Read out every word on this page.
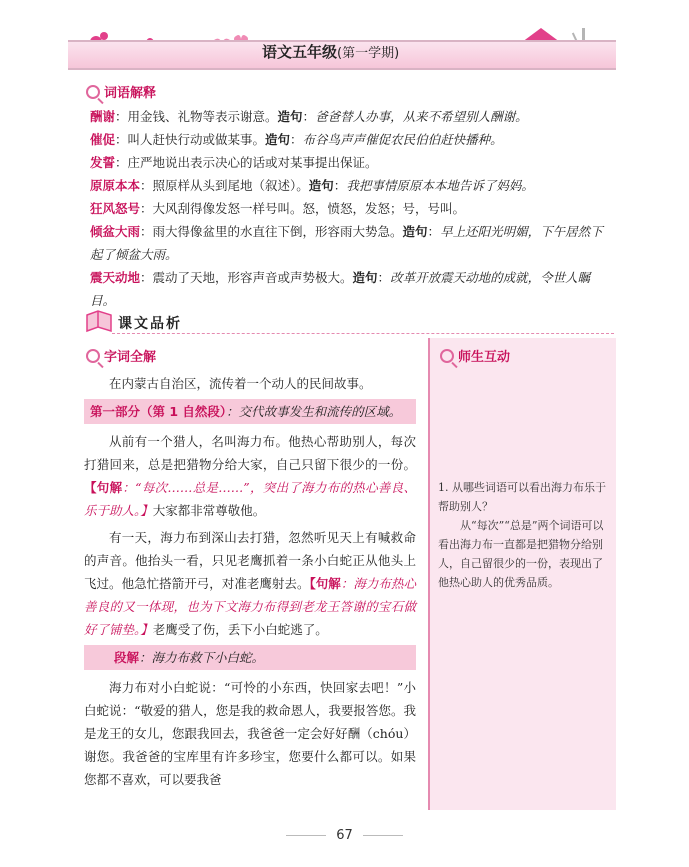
语文五年级(第一学期)
词语解释

酬谢：用金钱、礼物等表示谢意。造句：爸爸替人办事，从来不希望别人酬谢。

催促：叫人赶快行动或做某事。造句：布谷鸟声声催促农民伯伯赶快播种。

发誓：庄严地说出表示决心的话或对某事提出保证。

原原本本：照原样从头到尾地（叙述）。造句：我把事情原原本本地告诉了妈妈。

狂风怒号：大风刮得像发怒一样号叫。怒，愤怒，发怒；号，号叫。

倾盆大雨：雨大得像盆里的水直往下倒，形容雨大势急。造句：早上还阳光明媚，下午居然下起了倾盆大雨。

震天动地：震动了天地，形容声音或声势极大。造句：改革开放震天动地的成就，令世人瞩目。

课文品析
字词全解

在内蒙古自治区，流传着一个动人的民间故事。

第一部分（第 1 自然段）：交代故事发生和流传的区域。

从前有一个猎人，名叫海力布。他热心帮助别人，每次打猎回来，总是把猎物分给大家，自己只留下很少的一份。【句解：“每次……总是……”，突出了海力布的热心善良、乐于助人。】大家都非常尊敬他。

有一天，海力布到深山去打猎，忽然听见天上有喊救命的声音。他抬头一看，只见老鹰抓着一条小白蛇正从他头上飞过。他急忙搭箭开弓，对准老鹰射去。【句解：海力布热心善良的又一体现，也为下文海力布得到老龙王答谢的宝石做好了铺垫。】老鹰受了伤，丢下小白蛇逃了。

段解：海力布救下小白蛇。

海力布对小白蛇说：“可怜的小东西，快回家去吧！”小白蛇说：“敬爱的猎人，您是我的救命恩人，我要报答您。我是龙王的女儿，您跟我回去，我爸爸一定会好好酬（chóu）谢您。我爸爸的宝库里有许多珍宝，您要什么都可以。如果您都不喜欢，可以要我爸

师生互动

1. 从哪些词语可以看出海力布乐于帮助别人？

从“每次”“总是”两个词语可以看出海力布一直都是把猎物分给别人，自己留很少的一份，表现出了他热心助人的优秀品质。

67
